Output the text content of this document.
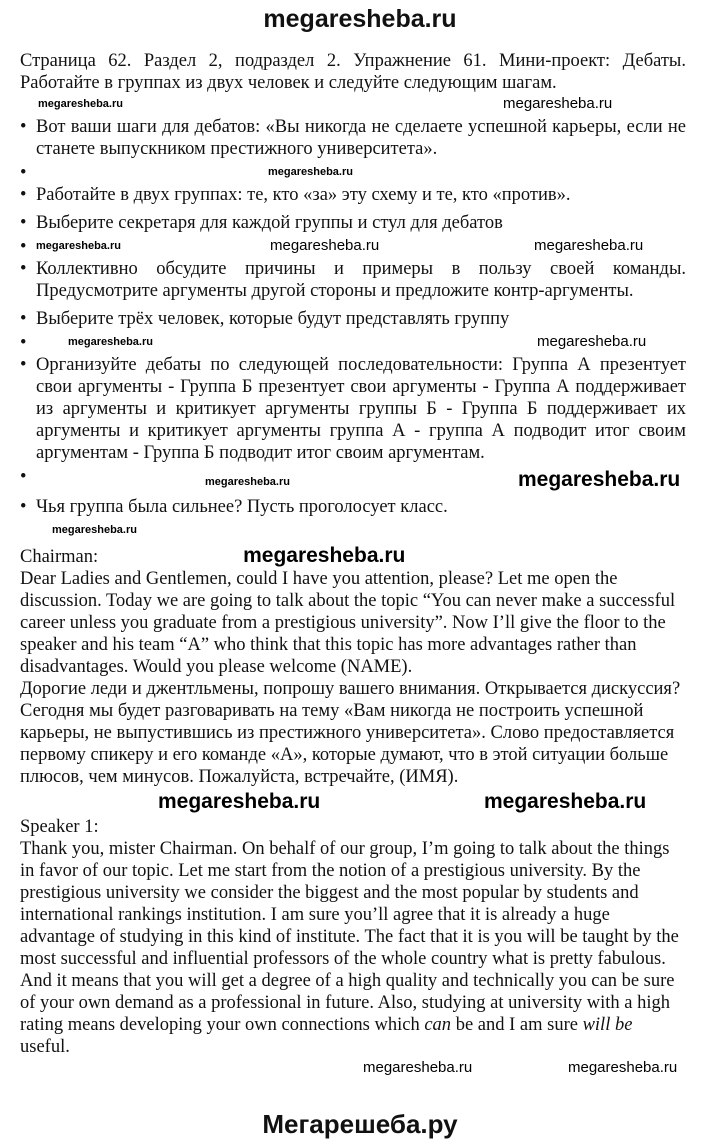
megaresheba.ru

Страница 62. Раздел 2, подраздел 2. Упражнение 61. Мини-проект: Дебаты. Работайте в группах из двух человек и следуйте следующим шагам.

megaresheba.ru	megaresheba.ru
• Вот ваши шаги для дебатов: «Вы никогда не сделаете успешной карьеры, если не станете выпускником престижного университета».
• megaresheba.ru
• Работайте в двух группах: те, кто «за» эту схему и те, кто «против».
• Выберите секретаря для каждой группы и стул для дебатов
• megaresheba.ru	megaresheba.ru	megaresheba.ru
• Коллективно обсудите причины и примеры в пользу своей команды. Предусмотрите аргументы другой стороны и предложите контр-аргументы.
• Выберите трёх человек, которые будут представлять группу
• megaresheba.ru	megaresheba.ru
• Организуйте дебаты по следующей последовательности: Группа А презентует свои аргументы - Группа Б презентует свои аргументы - Группа А поддерживает из аргументы и критикует аргументы группы Б - Группа Б поддерживает их аргументы и критикует аргументы группа А - группа А подводит итог своим аргументам - Группа Б подводит итог своим аргументам.
• megaresheba.ru	megaresheba.ru
• Чья группа была сильнее? Пусть проголосует класс.
megaresheba.ru
Chairman:	megaresheba.ru

Dear Ladies and Gentlemen, could I have you attention, please? Let me open the discussion. Today we are going to talk about the topic “You can never make a successful career unless you graduate from a prestigious university”. Now I’ll give the floor to the speaker and his team “A” who think that this topic has more advantages rather than disadvantages. Would you please welcome (NAME).

Дорогие леди и джентльмены, попрошу вашего внимания. Открывается дискуссия? Сегодня мы будет разговаривать на тему «Вам никогда не построить успешной карьеры, не выпустившись из престижного университета». Слово предоставляется первому спикеру и его команде «А», которые думают, что в этой ситуации больше плюсов, чем минусов. Пожалуйста, встречайте, (ИМЯ).

megaresheba.ru	megaresheba.ru
Speaker 1:

Thank you, mister Chairman. On behalf of our group, I’m going to talk about the things in favor of our topic. Let me start from the notion of a prestigious university. By the prestigious university we consider the biggest and the most popular by students and international rankings institution. I am sure you’ll agree that it is already a huge advantage of studying in this kind of institute. The fact that it is you will be taught by the most successful and influential professors of the whole country what is pretty fabulous. And it means that you will get a degree of a high quality and technically you can be sure of your own demand as a professional in future. Also, studying at university with a high rating means developing your own connections which can be and I am sure will be useful.

megaresheba.ru	megaresheba.ru
Мегарешеба.ру
